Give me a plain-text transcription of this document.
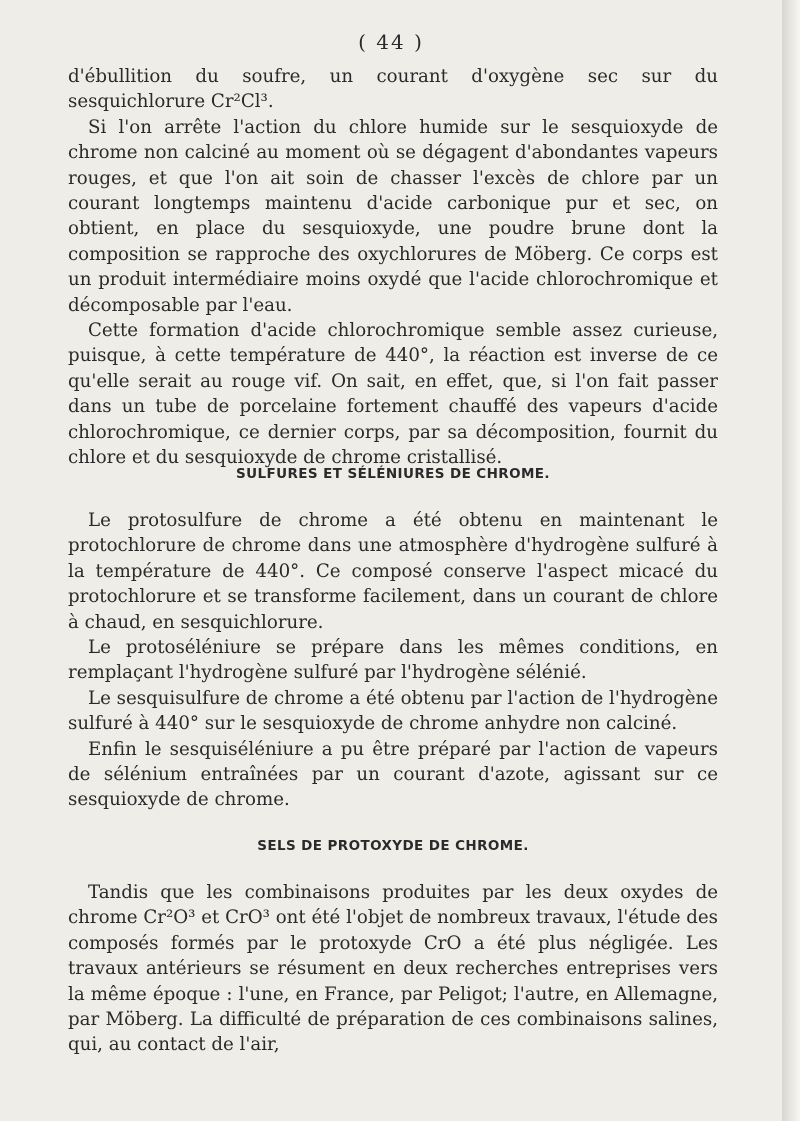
( 44 )

d'ébullition du soufre, un courant d'oxygène sec sur du sesquichlorure Cr²Cl³.

Si l'on arrête l'action du chlore humide sur le sesquioxyde de chrome non calciné au moment où se dégagent d'abondantes vapeurs rouges, et que l'on ait soin de chasser l'excès de chlore par un courant longtemps maintenu d'acide carbonique pur et sec, on obtient, en place du sesquioxyde, une poudre brune dont la composition se rapproche des oxychlorures de Möberg. Ce corps est un produit intermédiaire moins oxydé que l'acide chlorochromique et décomposable par l'eau.

Cette formation d'acide chlorochromique semble assez curieuse, puisque, à cette température de 440°, la réaction est inverse de ce qu'elle serait au rouge vif. On sait, en effet, que, si l'on fait passer dans un tube de porcelaine fortement chauffé des vapeurs d'acide chlorochromique, ce dernier corps, par sa décomposition, fournit du chlore et du sesquioxyde de chrome cristallisé.

SULFURES ET SÉLÉNIURES DE CHROME.

Le protosulfure de chrome a été obtenu en maintenant le protochlorure de chrome dans une atmosphère d'hydrogène sulfuré à la température de 440°. Ce composé conserve l'aspect micacé du protochlorure et se transforme facilement, dans un courant de chlore à chaud, en sesquichlorure.

Le protoséléniure se prépare dans les mêmes conditions, en remplaçant l'hydrogène sulfuré par l'hydrogène sélénié.

Le sesquisulfure de chrome a été obtenu par l'action de l'hydrogène sulfuré à 440° sur le sesquioxyde de chrome anhydre non calciné.

Enfin le sesquiséléniure a pu être préparé par l'action de vapeurs de sélénium entraînées par un courant d'azote, agissant sur ce sesquioxyde de chrome.

SELS DE PROTOXYDE DE CHROME.

Tandis que les combinaisons produites par les deux oxydes de chrome Cr²O³ et CrO³ ont été l'objet de nombreux travaux, l'étude des composés formés par le protoxyde CrO a été plus négligée. Les travaux antérieurs se résument en deux recherches entreprises vers la même époque : l'une, en France, par Peligot; l'autre, en Allemagne, par Möberg. La difficulté de préparation de ces combinaisons salines, qui, au contact de l'air,
